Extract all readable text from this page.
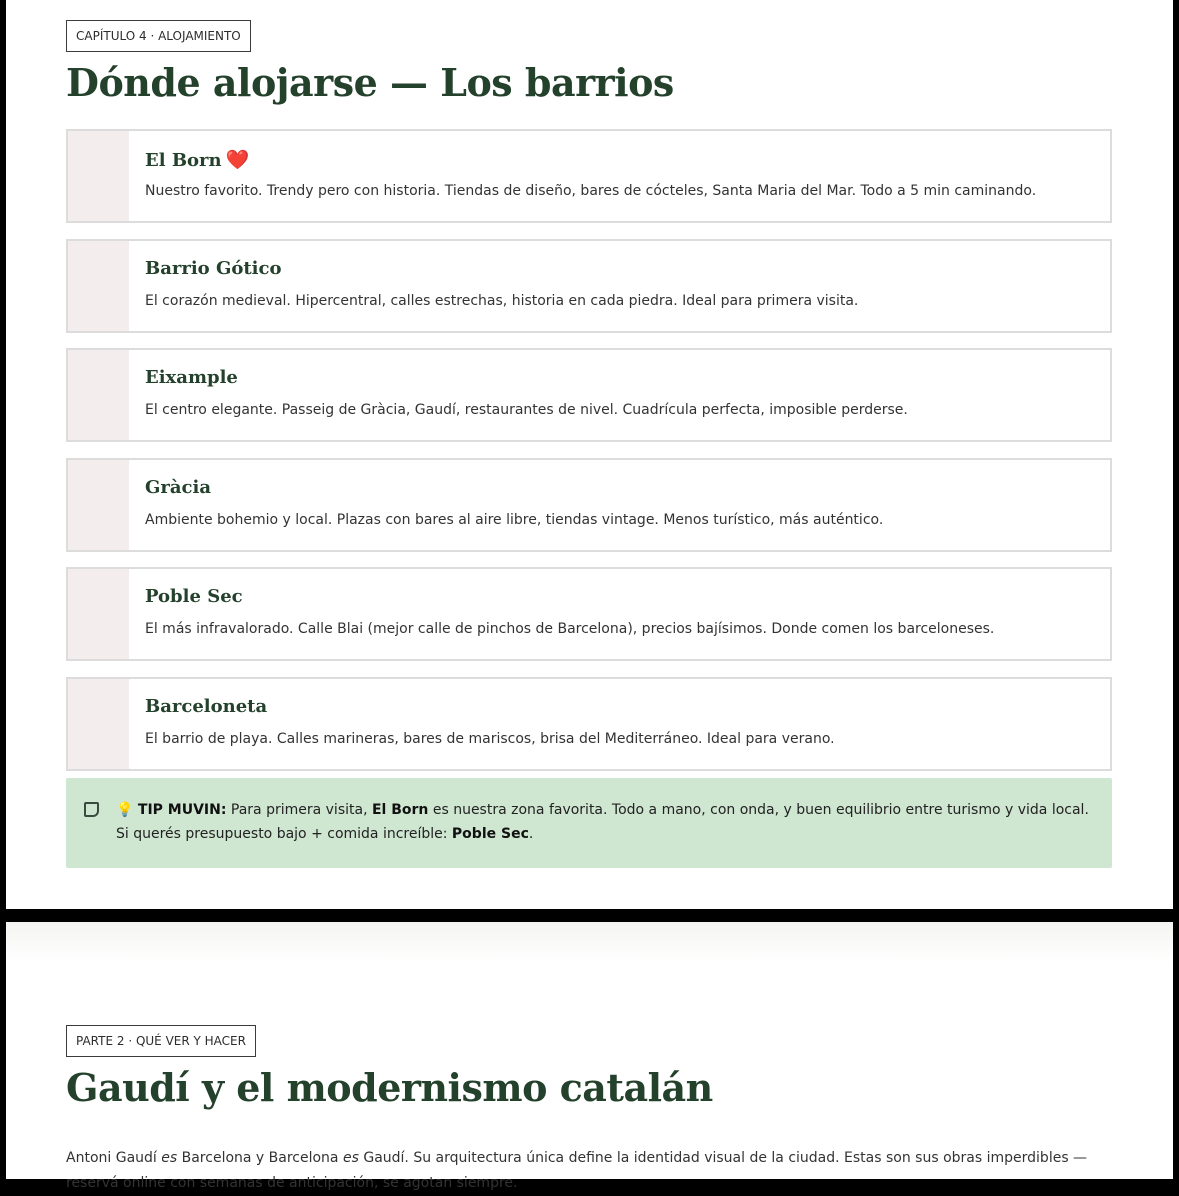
CAPÍTULO 4 · ALOJAMIENTO
Dónde alojarse — Los barrios
El Born ❤️
Nuestro favorito. Trendy pero con historia. Tiendas de diseño, bares de cócteles, Santa Maria del Mar. Todo a 5 min caminando.
Barrio Gótico
El corazón medieval. Hipercentral, calles estrechas, historia en cada piedra. Ideal para primera visita.
Eixample
El centro elegante. Passeig de Gràcia, Gaudí, restaurantes de nivel. Cuadrícula perfecta, imposible perderse.
Gràcia
Ambiente bohemio y local. Plazas con bares al aire libre, tiendas vintage. Menos turístico, más auténtico.
Poble Sec
El más infravalorado. Calle Blai (mejor calle de pinchos de Barcelona), precios bajísimos. Donde comen los barceloneses.
Barceloneta
El barrio de playa. Calles marineras, bares de mariscos, brisa del Mediterráneo. Ideal para verano.
💡 TIP MUVIN: Para primera visita, El Born es nuestra zona favorita. Todo a mano, con onda, y buen equilibrio entre turismo y vida local. Si querés presupuesto bajo + comida increíble: Poble Sec.
PARTE 2 · QUÉ VER Y HACER
Gaudí y el modernismo catalán

Antoni Gaudí es Barcelona y Barcelona es Gaudí. Su arquitectura única define la identidad visual de la ciudad. Estas son sus obras imperdibles — reservá online con semanas de anticipación, se agotan siempre.
